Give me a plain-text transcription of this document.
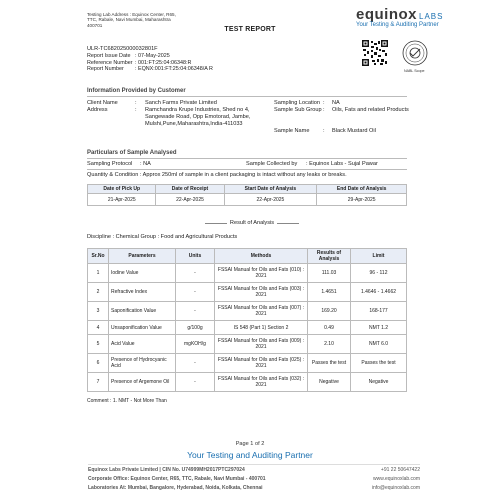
Testing Lab Address : Equinox Center, R65,
TTC, Rabale, Navi Mumbai, Maharashtra
400701
TEST REPORT
equinox LABS
Your Testing & Auditing Partner
NABL Scope
ULR-TC682025000032801F
Report Issue Date	: 07-May-2025
Reference Number	: 001:FT:25:04:06348:R
Report Number	: EQNX:001:FT:25:04:06348/A R
Information Provided by Customer
Client Name	: Sanch Farms Private Limited
Address	: Ramchandra Krupe Industries, Shed no 4,
Sangewade Road, Opp Emotorad, Jambe,
Mulshi,Pune,Maharashtra,India-411033
Sampling Location : NA
Sample Sub Group : Oils, Fats and related Products
Sample Name : Black Mustard Oil
Particulars of Sample Analysed
Sampling Protocol : NA	Sample Collected by : Equinox Labs - Sujal Pawar
Quantity & Condition : Approx 250ml of sample in a client packaging is intact without any leaks or breaks.
Date of Pick Up	Date of Receipt	Start Date of Analysis	End Date of Analysis
21-Apr-2025	22-Apr-2025	22-Apr-2025	29-Apr-2025
Result of Analysis
Discipline : Chemical Group : Food and Agricultural Products
Sr.No	Parameters	Units	Methods	Results of Analysis	Limit
1	Iodine Value	-	FSSAI Manual for Oils and Fats (010) : 2021	111.03	96 - 112
2	Refractive Index	-	FSSAI Manual for Oils and Fats (003) : 2021	1.4651	1.4646 - 1.4662
3	Saponification Value	-	FSSAI Manual for Oils and Fats (007) : 2021	169.20	168-177
4	Unsaponification Value	g/100g	IS 548 (Part 1) Section 2	0.49	NMT 1.2
5	Acid Value	mgKOH/g	FSSAI Manual for Oils and Fats (009) : 2021	2.10	NMT 6.0
6	Presence of Hydrocyanic Acid	-	FSSAI Manual for Oils and Fats (025) : 2021	Passes the test	Passes the test
7	Presence of Argemone Oil	-	FSSAI Manual for Oils and Fats (032) : 2021	Negative	Negative
Comment : 1. NMT - Not More Than
Page 1 of 2
Your Testing and Auditing Partner
Equinox Labs Private Limited | CIN No. U74999MH2017PTC297024	+91 22 50647422
Corporate Office: Equinox Center, R65, TTC, Rabale, Navi Mumbai - 400701	www.equinoxlab.com
Laboratories At: Mumbai, Bangalore, Hyderabad, Noida, Kolkata, Chennai	info@equinoxlab.com
